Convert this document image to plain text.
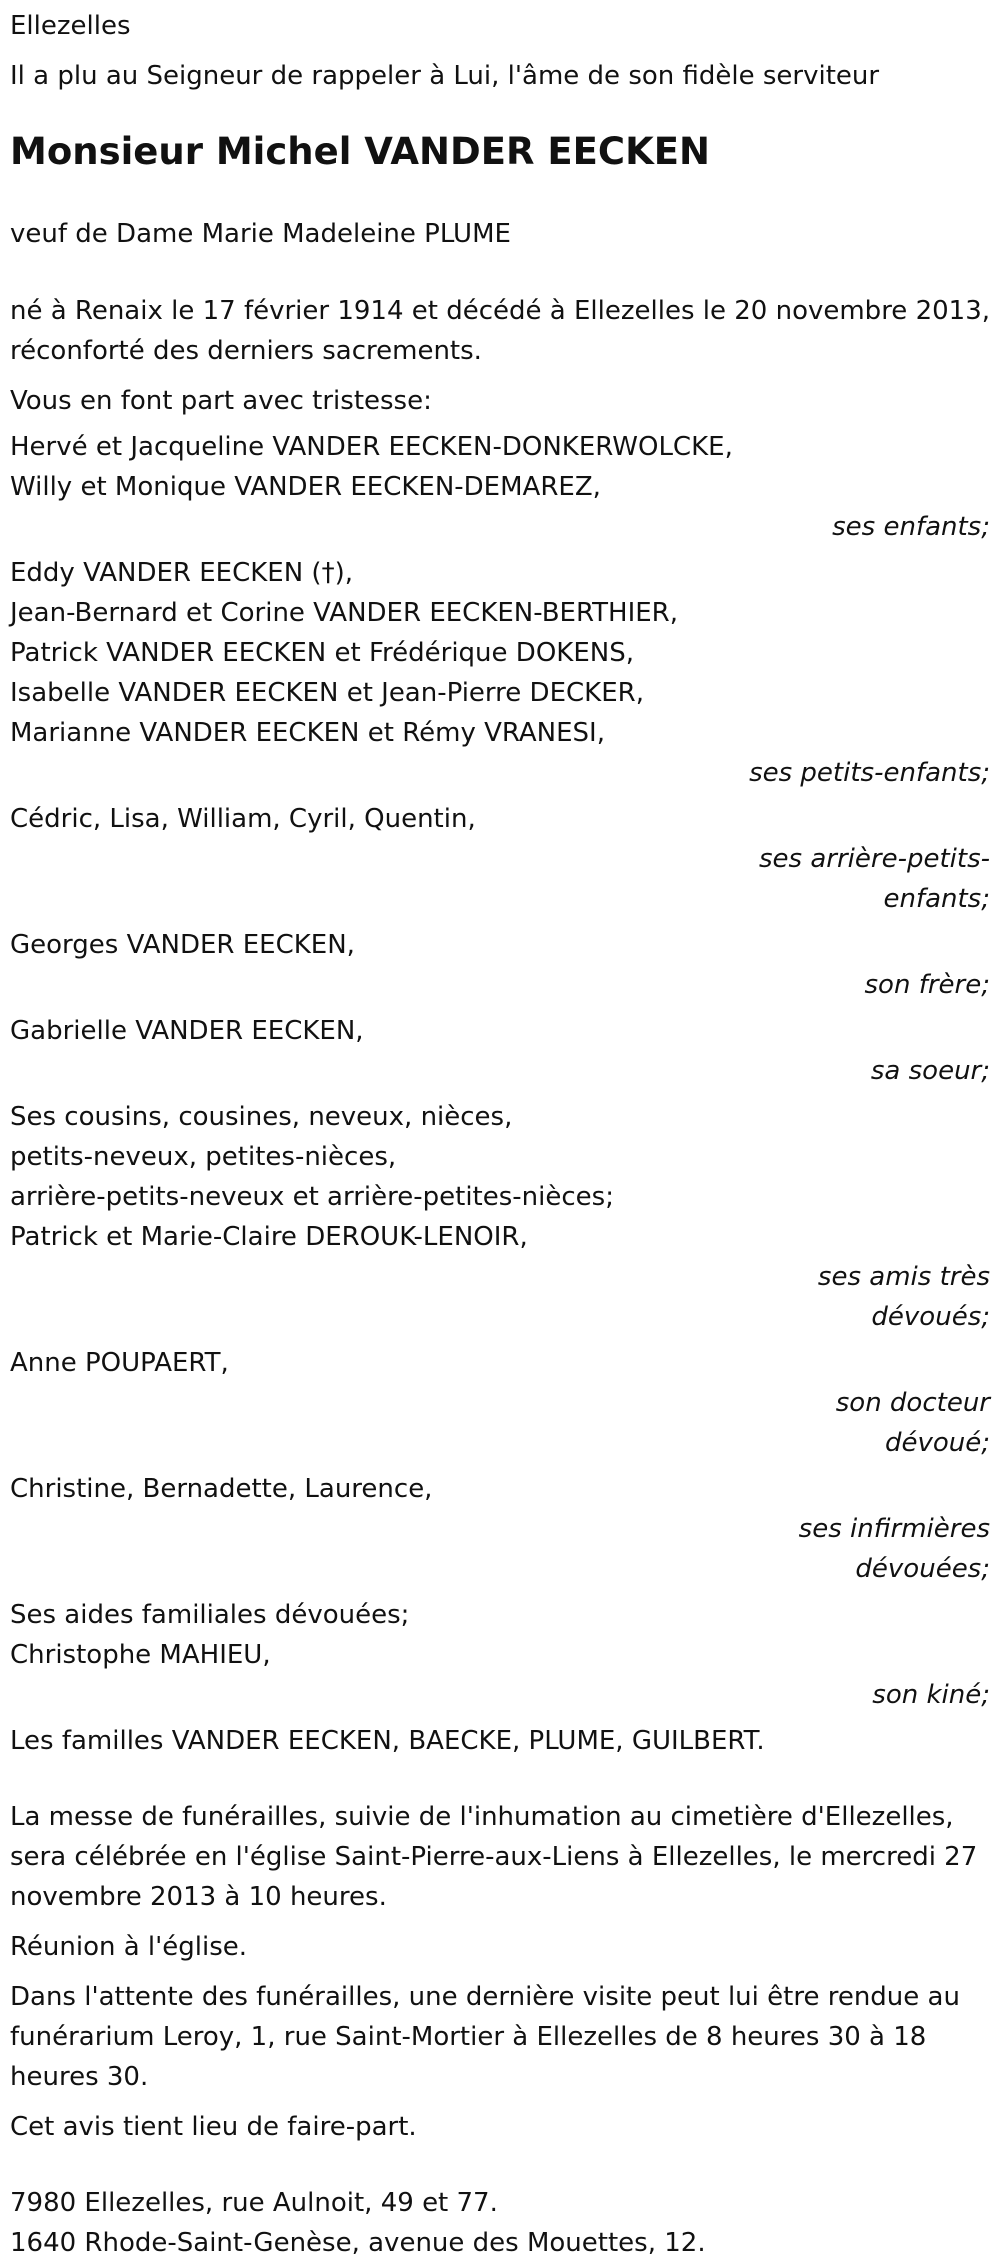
Ellezelles

Il a plu au Seigneur de rappeler à Lui, l'âme de son fidèle serviteur

Monsieur Michel VANDER EECKEN

veuf de Dame Marie Madeleine PLUME

né à Renaix le 17 février 1914 et décédé à Ellezelles le 20 novembre 2013,
réconforté des derniers sacrements.

Vous en font part avec tristesse:

Hervé et Jacqueline VANDER EECKEN-DONKERWOLCKE,
Willy et Monique VANDER EECKEN-DEMAREZ,
ses enfants;
Eddy VANDER EECKEN (†),
Jean-Bernard et Corine VANDER EECKEN-BERTHIER,
Patrick VANDER EECKEN et Frédérique DOKENS,
Isabelle VANDER EECKEN et Jean-Pierre DECKER,
Marianne VANDER EECKEN et Rémy VRANESI,
ses petits-enfants;
Cédric, Lisa, William, Cyril, Quentin,
ses arrière-petits-
enfants;
Georges VANDER EECKEN,
son frère;
Gabrielle VANDER EECKEN,
sa soeur;
Ses cousins, cousines, neveux, nièces,
petits-neveux, petites-nièces,
arrière-petits-neveux et arrière-petites-nièces;
Patrick et Marie-Claire DEROUK-LENOIR,
ses amis très
dévoués;
Anne POUPAERT,
son docteur
dévoué;
Christine, Bernadette, Laurence,
ses infirmières
dévouées;
Ses aides familiales dévouées;
Christophe MAHIEU,
son kiné;

Les familles VANDER EECKEN, BAECKE, PLUME, GUILBERT.

La messe de funérailles, suivie de l'inhumation au cimetière d'Ellezelles, sera célébrée en l'église Saint-Pierre-aux-Liens à Ellezelles, le mercredi 27 novembre 2013 à 10 heures.

Réunion à l'église.

Dans l'attente des funérailles, une dernière visite peut lui être rendue au funérarium Leroy, 1, rue Saint-Mortier à Ellezelles de 8 heures 30 à 18 heures 30.

Cet avis tient lieu de faire-part.

7980 Ellezelles, rue Aulnoit, 49 et 77.
1640 Rhode-Saint-Genèse, avenue des Mouettes, 12.
